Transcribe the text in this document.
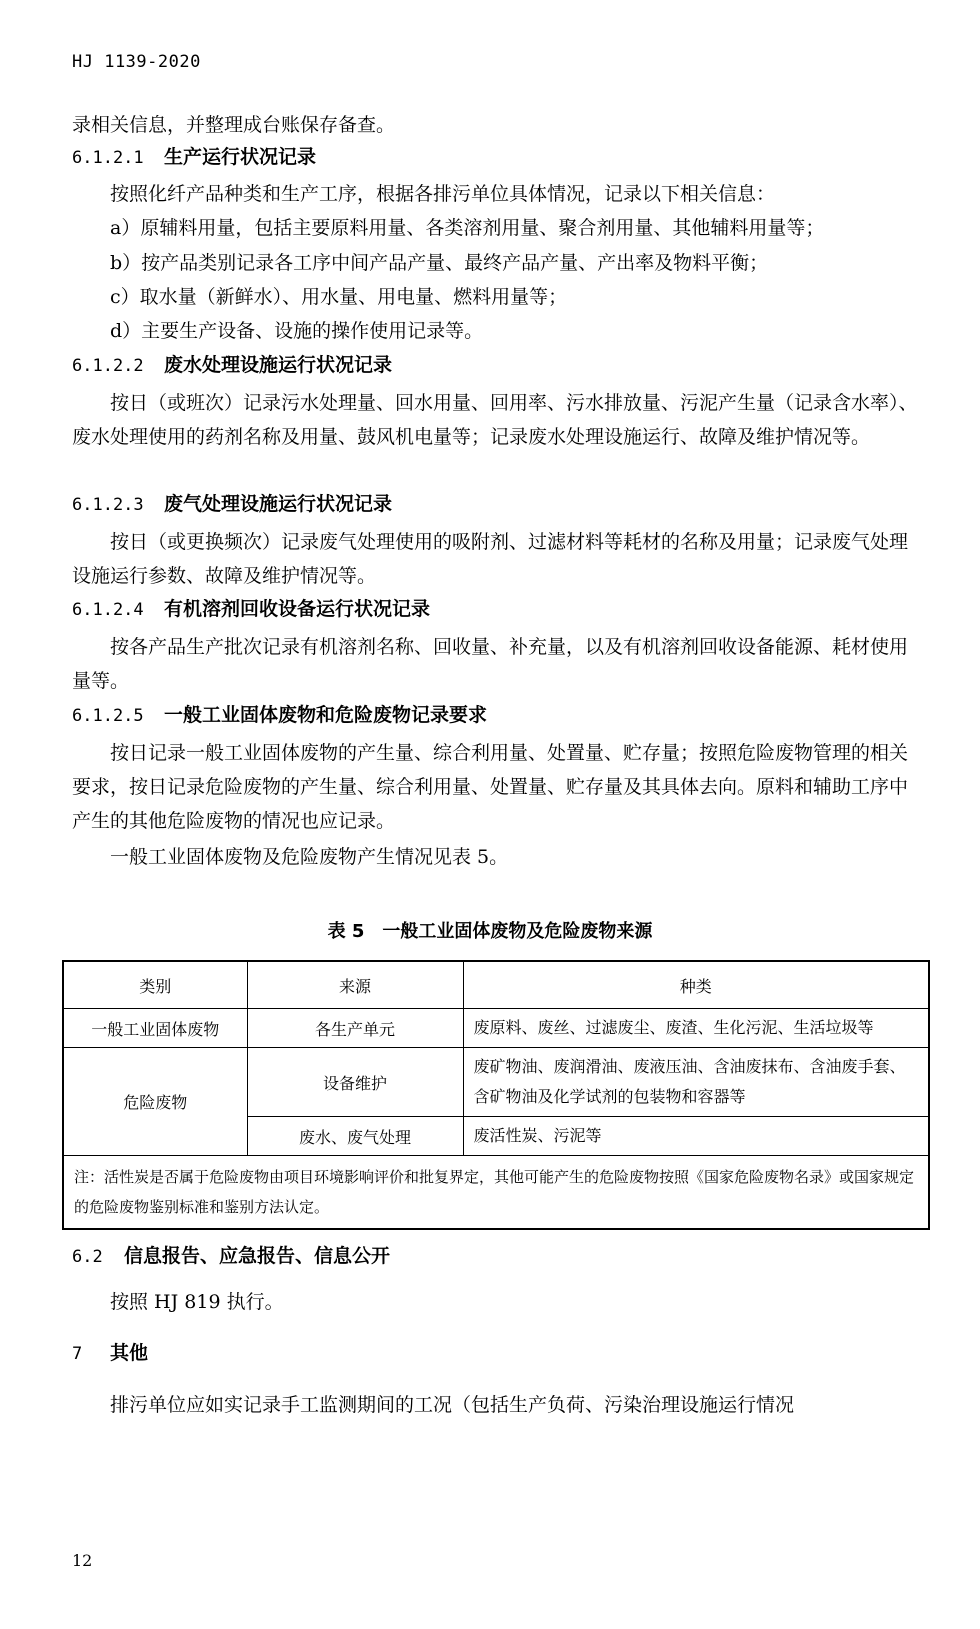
HJ 1139-2020

录相关信息，并整理成台账保存备查。

6.1.2.1 生产运行状况记录

按照化纤产品种类和生产工序，根据各排污单位具体情况，记录以下相关信息：

a）原辅料用量，包括主要原料用量、各类溶剂用量、聚合剂用量、其他辅料用量等；
b）按产品类别记录各工序中间产品产量、最终产品产量、产出率及物料平衡；
c）取水量（新鲜水）、用水量、用电量、燃料用量等；
d）主要生产设备、设施的操作使用记录等。
6.1.2.2 废水处理设施运行状况记录

按日（或班次）记录污水处理量、回水用量、回用率、污水排放量、污泥产生量（记录含水率）、废水处理使用的药剂名称及用量、鼓风机电量等；记录废水处理设施运行、故障及维护情况等。

6.1.2.3 废气处理设施运行状况记录

按日（或更换频次）记录废气处理使用的吸附剂、过滤材料等耗材的名称及用量；记录废气处理设施运行参数、故障及维护情况等。

6.1.2.4 有机溶剂回收设备运行状况记录

按各产品生产批次记录有机溶剂名称、回收量、补充量，以及有机溶剂回收设备能源、耗材使用量等。

6.1.2.5 一般工业固体废物和危险废物记录要求

按日记录一般工业固体废物的产生量、综合利用量、处置量、贮存量；按照危险废物管理的相关要求，按日记录危险废物的产生量、综合利用量、处置量、贮存量及其具体去向。原料和辅助工序中产生的其他危险废物的情况也应记录。

一般工业固体废物及危险废物产生情况见表 5。

表 5　一般工业固体废物及危险废物来源
类别	来源	种类
一般工业固体废物	各生产单元	废原料、废丝、过滤废尘、废渣、生化污泥、生活垃圾等
危险废物	设备维护	废矿物油、废润滑油、废液压油、含油废抹布、含油废手套、含矿物油及化学试剂的包装物和容器等
	废水、废气处理	废活性炭、污泥等
注：活性炭是否属于危险废物由项目环境影响评价和批复界定，其他可能产生的危险废物按照《国家危险废物名录》或国家规定的危险废物鉴别标准和鉴别方法认定。		
6.2 信息报告、应急报告、信息公开

按照 HJ 819 执行。

7 其他

排污单位应如实记录手工监测期间的工况（包括生产负荷、污染治理设施运行情况

12
